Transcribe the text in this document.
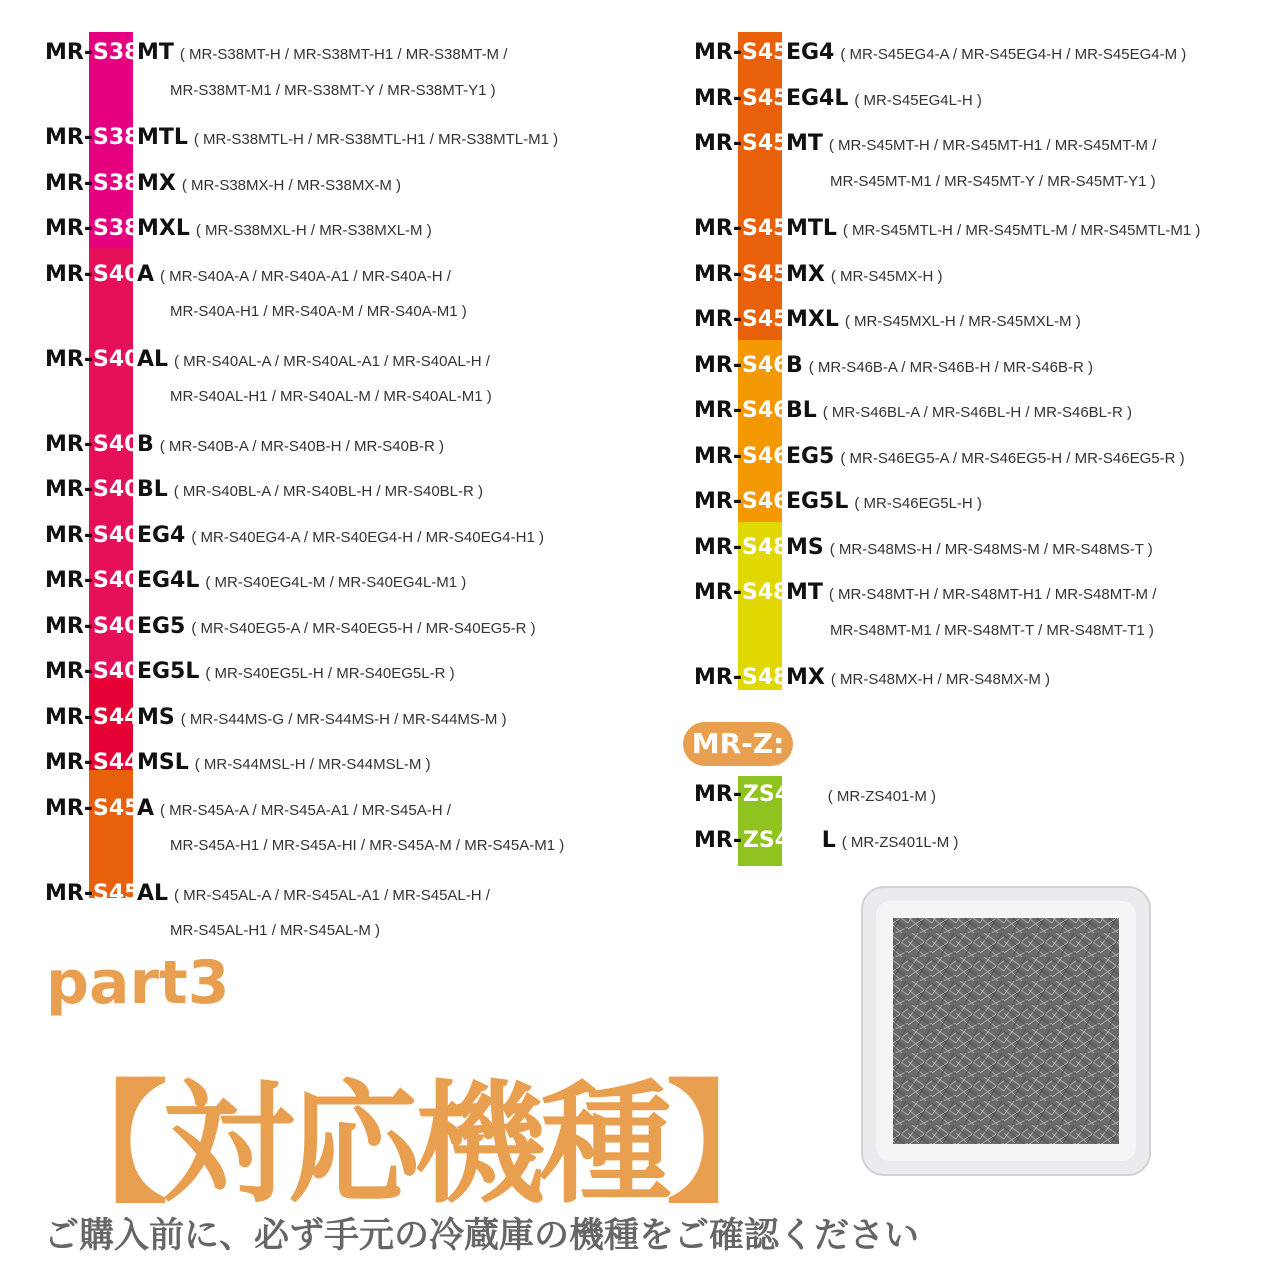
MR-S38MT ( MR-S38MT-H / MR-S38MT-H1 / MR-S38MT-M /
MR-S38MT-M1 / MR-S38MT-Y / MR-S38MT-Y1 )
MR-S38MTL ( MR-S38MTL-H / MR-S38MTL-H1 / MR-S38MTL-M1 )
MR-S38MX ( MR-S38MX-H / MR-S38MX-M )
MR-S38MXL ( MR-S38MXL-H / MR-S38MXL-M )
MR-S40A ( MR-S40A-A / MR-S40A-A1 / MR-S40A-H /
MR-S40A-H1 / MR-S40A-M / MR-S40A-M1 )
MR-S40AL ( MR-S40AL-A / MR-S40AL-A1 / MR-S40AL-H /
MR-S40AL-H1 / MR-S40AL-M / MR-S40AL-M1 )
MR-S40B ( MR-S40B-A / MR-S40B-H / MR-S40B-R )
MR-S40BL ( MR-S40BL-A / MR-S40BL-H / MR-S40BL-R )
MR-S40EG4 ( MR-S40EG4-A / MR-S40EG4-H / MR-S40EG4-H1 )
MR-S40EG4L ( MR-S40EG4L-M / MR-S40EG4L-M1 )
MR-S40EG5 ( MR-S40EG5-A / MR-S40EG5-H / MR-S40EG5-R )
MR-S40EG5L ( MR-S40EG5L-H / MR-S40EG5L-R )
MR-S44MS ( MR-S44MS-G / MR-S44MS-H / MR-S44MS-M )
MR-S44MSL ( MR-S44MSL-H / MR-S44MSL-M )
MR-S45A ( MR-S45A-A / MR-S45A-A1 / MR-S45A-H /
MR-S45A-H1 / MR-S45A-HI / MR-S45A-M / MR-S45A-M1 )
MR-S45AL ( MR-S45AL-A / MR-S45AL-A1 / MR-S45AL-H /
MR-S45AL-H1 / MR-S45AL-M )
MR-S45EG4 ( MR-S45EG4-A / MR-S45EG4-H / MR-S45EG4-M )
MR-S45EG4L ( MR-S45EG4L-H )
MR-S45MT ( MR-S45MT-H / MR-S45MT-H1 / MR-S45MT-M /
MR-S45MT-M1 / MR-S45MT-Y / MR-S45MT-Y1 )
MR-S45MTL ( MR-S45MTL-H / MR-S45MTL-M / MR-S45MTL-M1 )
MR-S45MX ( MR-S45MX-H )
MR-S45MXL ( MR-S45MXL-H / MR-S45MXL-M )
MR-S46B ( MR-S46B-A / MR-S46B-H / MR-S46B-R )
MR-S46BL ( MR-S46BL-A / MR-S46BL-H / MR-S46BL-R )
MR-S46EG5 ( MR-S46EG5-A / MR-S46EG5-H / MR-S46EG5-R )
MR-S46EG5L ( MR-S46EG5L-H )
MR-S48MS ( MR-S48MS-H / MR-S48MS-M / MR-S48MS-T )
MR-S48MT ( MR-S48MT-H / MR-S48MT-H1 / MR-S48MT-M /
MR-S48MT-M1 / MR-S48MT-T / MR-S48MT-T1 )
MR-S48MX ( MR-S48MX-H / MR-S48MX-M )
MR-ZS401 ( MR-ZS401-M )
MR-ZS401L ( MR-ZS401L-M )
MR-Z:
part3
【対応機種】
ご購入前に、必ず手元の冷蔵庫の機種をご確認ください
